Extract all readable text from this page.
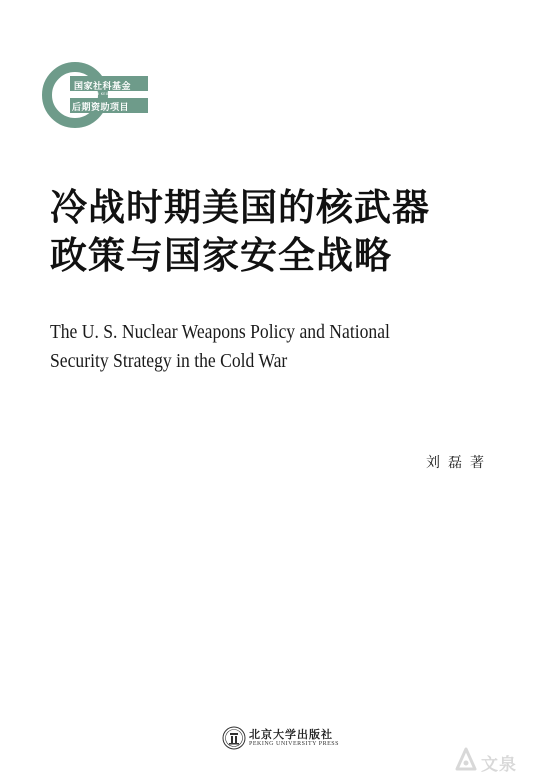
国家社科基金
GUOJIA SHEHUI KEXUE JIJIN HOUQI ZIZHU XIANGMU
后期资助项目
冷战时期美国的核武器
政策与国家安全战略
The U. S. Nuclear Weapons Policy and National
Security Strategy in the Cold War
刘磊著
北京大学出版社
PEKING UNIVERSITY PRESS
文泉
